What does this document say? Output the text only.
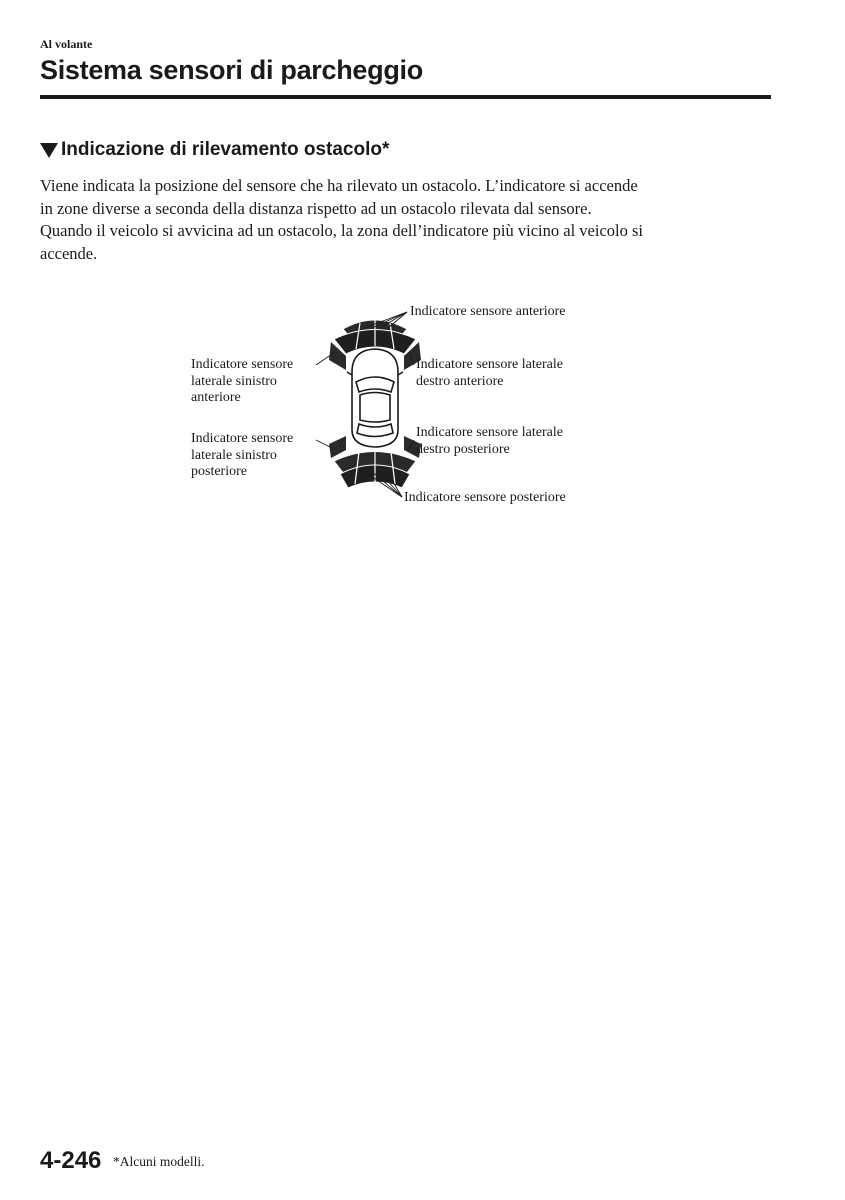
Al volante
Sistema sensori di parcheggio
Indicazione di rilevamento ostacolo*

Viene indicata la posizione del sensore che ha rilevato un ostacolo. L’indicatore si accende

in zone diverse a seconda della distanza rispetto ad un ostacolo rilevata dal sensore.

Quando il veicolo si avvicina ad un ostacolo, la zona dell’indicatore più vicino al veicolo si

accende.

Indicatore sensore anteriore
Indicatore sensore
laterale sinistro
anteriore
Indicatore sensore laterale
destro anteriore
Indicatore sensore
laterale sinistro
posteriore
Indicatore sensore laterale
destro posteriore
Indicatore sensore posteriore
4-246 *Alcuni modelli.
